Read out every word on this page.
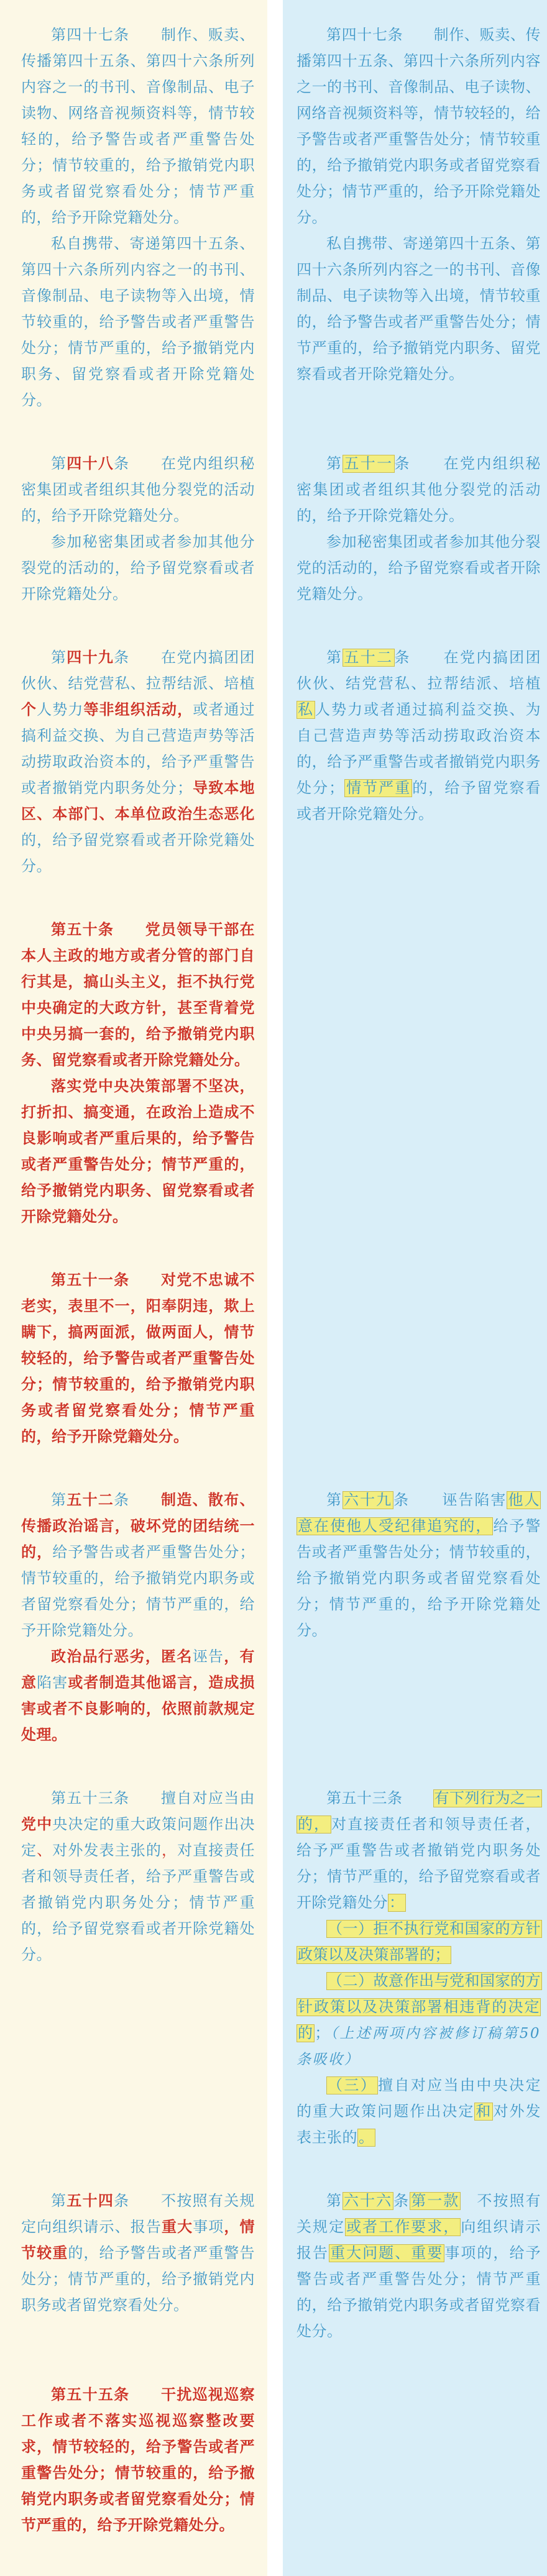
第四十七条　　制作、贩卖、传播第四十五条、第四十六条所列内容之一的书刊、音像制品、电子读物、网络音视频资料等，情节较轻的，给予警告或者严重警告处分；情节较重的，给予撤销党内职务或者留党察看处分；情节严重的，给予开除党籍处分。

私自携带、寄递第四十五条、第四十六条所列内容之一的书刊、音像制品、电子读物等入出境，情节较重的，给予警告或者严重警告处分；情节严重的，给予撤销党内职务、留党察看或者开除党籍处分。

第四十七条　　制作、贩卖、传播第四十五条、第四十六条所列内容之一的书刊、音像制品、电子读物、网络音视频资料等，情节较轻的，给予警告或者严重警告处分；情节较重的，给予撤销党内职务或者留党察看处分；情节严重的，给予开除党籍处分。

私自携带、寄递第四十五条、第四十六条所列内容之一的书刊、音像制品、电子读物等入出境，情节较重的，给予警告或者严重警告处分；情节严重的，给予撤销党内职务、留党察看或者开除党籍处分。

第四十八条　　在党内组织秘密集团或者组织其他分裂党的活动的，给予开除党籍处分。

参加秘密集团或者参加其他分裂党的活动的，给予留党察看或者开除党籍处分。

第五十一条　　在党内组织秘密集团或者组织其他分裂党的活动的，给予开除党籍处分。

参加秘密集团或者参加其他分裂党的活动的，给予留党察看或者开除党籍处分。

第四十九条　　在党内搞团团伙伙、结党营私、拉帮结派、培植个人势力等非组织活动，或者通过搞利益交换、为自己营造声势等活动捞取政治资本的，给予严重警告或者撤销党内职务处分；导致本地区、本部门、本单位政治生态恶化的，给予留党察看或者开除党籍处分。

第五十二条　　在党内搞团团伙伙、结党营私、拉帮结派、培植私人势力或者通过搞利益交换、为自己营造声势等活动捞取政治资本的，给予严重警告或者撤销党内职务处分；情节严重的，给予留党察看或者开除党籍处分。

第五十条　　党员领导干部在本人主政的地方或者分管的部门自行其是，搞山头主义，拒不执行党中央确定的大政方针，甚至背着党中央另搞一套的，给予撤销党内职务、留党察看或者开除党籍处分。

落实党中央决策部署不坚决，打折扣、搞变通，在政治上造成不良影响或者严重后果的，给予警告或者严重警告处分；情节严重的，给予撤销党内职务、留党察看或者开除党籍处分。

第五十一条　　对党不忠诚不老实，表里不一，阳奉阴违，欺上瞒下，搞两面派，做两面人，情节较轻的，给予警告或者严重警告处分；情节较重的，给予撤销党内职务或者留党察看处分；情节严重的，给予开除党籍处分。

第五十二条　　制造、散布、传播政治谣言，破坏党的团结统一的，给予警告或者严重警告处分；情节较重的，给予撤销党内职务或者留党察看处分；情节严重的，给予开除党籍处分。

政治品行恶劣，匿名诬告，有意陷害或者制造其他谣言，造成损害或者不良影响的，依照前款规定处理。

第六十九条　　诬告陷害他人意在使他人受纪律追究的，给予警告或者严重警告处分；情节较重的，给予撤销党内职务或者留党察看处分；情节严重的，给予开除党籍处分。

第五十三条　　擅自对应当由党中央决定的重大政策问题作出决定、对外发表主张的，对直接责任者和领导责任者，给予严重警告或者撤销党内职务处分；情节严重的，给予留党察看或者开除党籍处分。

第五十三条　　有下列行为之一的，对直接责任者和领导责任者，给予严重警告或者撤销党内职务处分；情节严重的，给予留党察看或者开除党籍处分：

（一）拒不执行党和国家的方针政策以及决策部署的；

（二）故意作出与党和国家的方针政策以及决策部署相违背的决定的；（上述两项内容被修订稿第50条吸收）

（三）擅自对应当由中央决定的重大政策问题作出决定和对外发表主张的。

第五十四条　　不按照有关规定向组织请示、报告重大事项，情节较重的，给予警告或者严重警告处分；情节严重的，给予撤销党内职务或者留党察看处分。

第六十六条第一款　不按照有关规定或者工作要求，向组织请示报告重大问题、重要事项的，给予警告或者严重警告处分；情节严重的，给予撤销党内职务或者留党察看处分。

第五十五条　　干扰巡视巡察工作或者不落实巡视巡察整改要求，情节较轻的，给予警告或者严重警告处分；情节较重的，给予撤销党内职务或者留党察看处分；情节严重的，给予开除党籍处分。
